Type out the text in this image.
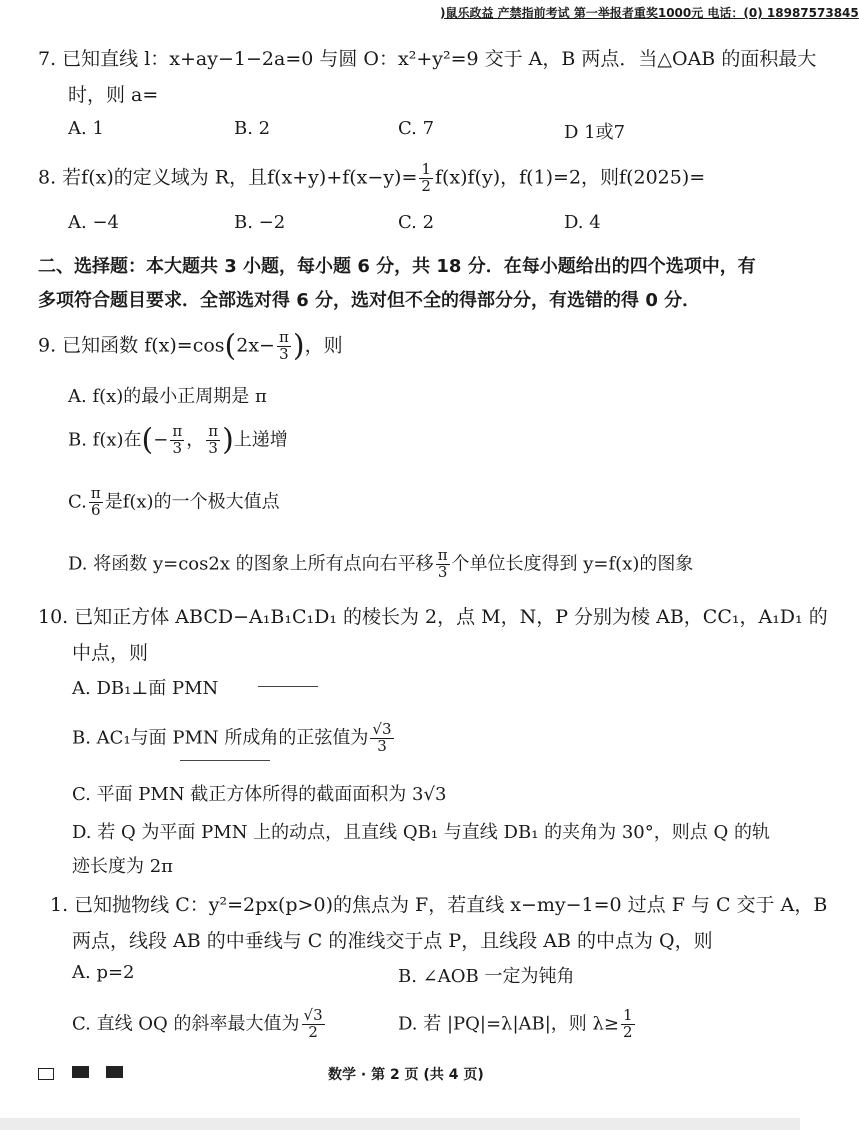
)鼠乐政益 产禁指前考试 第一举报者重奖1000元 电话：(0) 18987573845
7. 已知直线 l：x+ay−1−2a=0 与圆 O：x²+y²=9 交于 A，B 两点．当△OAB 的面积最大
时，则 a=
A. 1	B. 2	C. 7	D 1或7
8. 若f(x)的定义域为 R，且$f(x+y)+f(x-y)= \frac{1}{2} f(x)f(y)$，f(1)=2，则f(2025)=
A. −4	B. −2	C. 2	D. 4
二、选择题：本大题共 3 小题，每小题 6 分，共 18 分．在每小题给出的四个选项中，有
多项符合题目要求．全部选对得 6 分，选对但不全的得部分分，有选错的得 0 分．
9. 已知函数 $f(x)=\cos(2x- \frac{\pi}{3}$ )，则
A. f(x)的最小正周期是 π
B. f(x)在(− $\frac{\pi}{3}$ ， $\frac{\pi}{3}$ )上递增
C. $\frac{\pi}{6}$ 是f(x)的一个极大值点
D. 将函数 y=cos2x 的图象上所有点向右平移 $\frac{\pi}{3}$ 个单位长度得到 y=f(x)的图象
10. 已知正方体 ABCD−A₁B₁C₁D₁ 的棱长为 2，点 M，N，P 分别为棱 AB，CC₁，A₁D₁ 的
中点，则
A. DB₁⊥面 PMN
B. AC₁与面 PMN 所成角的正弦值为 $\frac{√3}{3}$
C. 平面 PMN 截正方体所得的截面面积为 3√3
D. 若 Q 为平面 PMN 上的动点，且直线 QB₁ 与直线 DB₁ 的夹角为 30°，则点 Q 的轨
迹长度为 2π
1. 已知抛物线 C：y²=2px(p>0)的焦点为 F，若直线 x−my−1=0 过点 F 与 C 交于 A，B
两点，线段 AB 的中垂线与 C 的准线交于点 P，且线段 AB 的中点为 Q，则
A. p=2	B. ∠AOB 一定为钝角
C. 直线 OQ 的斜率最大值为 $\frac{√3}{2}$	D. 若 |PQ|=λ|AB|，则 $\lambda\ge \frac{1}{2}$
数学 · 第 2 页 (共 4 页)
